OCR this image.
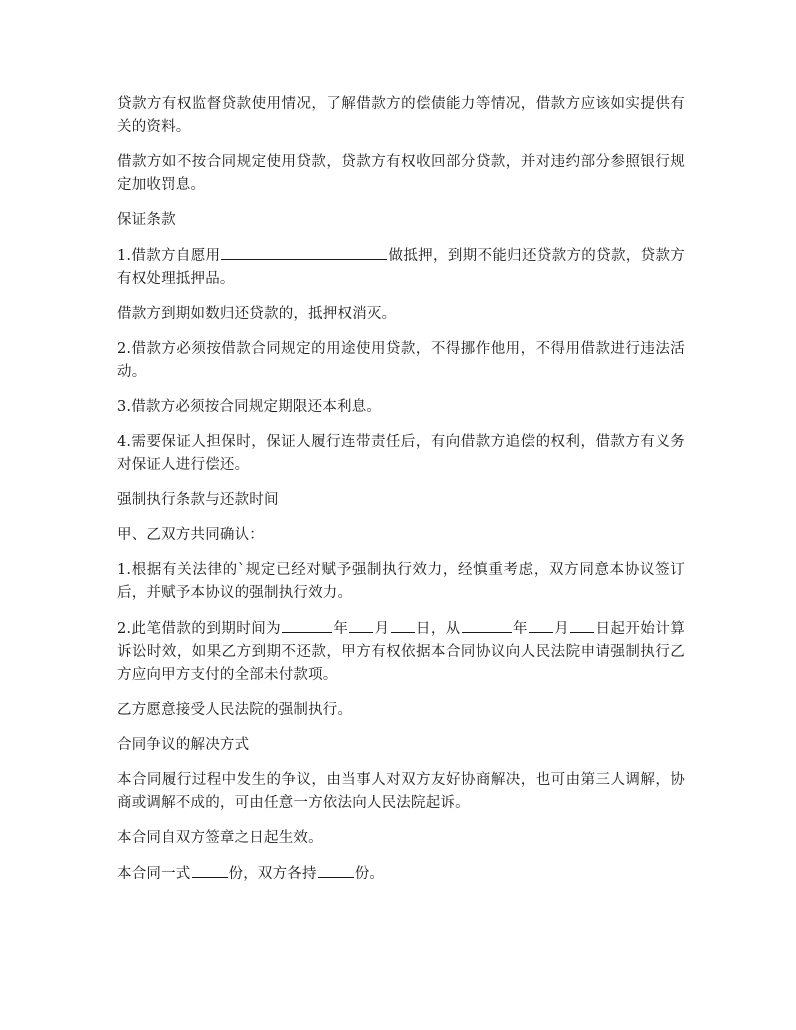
贷款方有权监督贷款使用情况，了解借款方的偿债能力等情况，借款方应该如实提供有关的资料。

借款方如不按合同规定使用贷款，贷款方有权收回部分贷款，并对违约部分参照银行规定加收罚息。

保证条款

1.借款方自愿用	做抵押，到期不能归还贷款方的贷款，贷款方有权处理抵押品。

借款方到期如数归还贷款的，抵押权消灭。

2.借款方必须按借款合同规定的用途使用贷款，不得挪作他用，不得用借款进行违法活动。

3.借款方必须按合同规定期限还本利息。

4.需要保证人担保时，保证人履行连带责任后，有向借款方追偿的权利，借款方有义务对保证人进行偿还。

强制执行条款与还款时间

甲、乙双方共同确认：

1.根据有关法律的`规定已经对赋予强制执行效力，经慎重考虑，双方同意本协议签订后，并赋予本协议的强制执行效力。

2.此笔借款的到期时间为	年 月 日，从	年 月 日起开始计算诉讼时效，如果乙方到期不还款，甲方有权依据本合同协议向人民法院申请强制执行乙方应向甲方支付的全部未付款项。

乙方愿意接受人民法院的强制执行。

合同争议的解决方式

本合同履行过程中发生的争议，由当事人对双方友好协商解决，也可由第三人调解，协商或调解不成的，可由任意一方依法向人民法院起诉。

本合同自双方签章之日起生效。

本合同一式	份，双方各持	份。
